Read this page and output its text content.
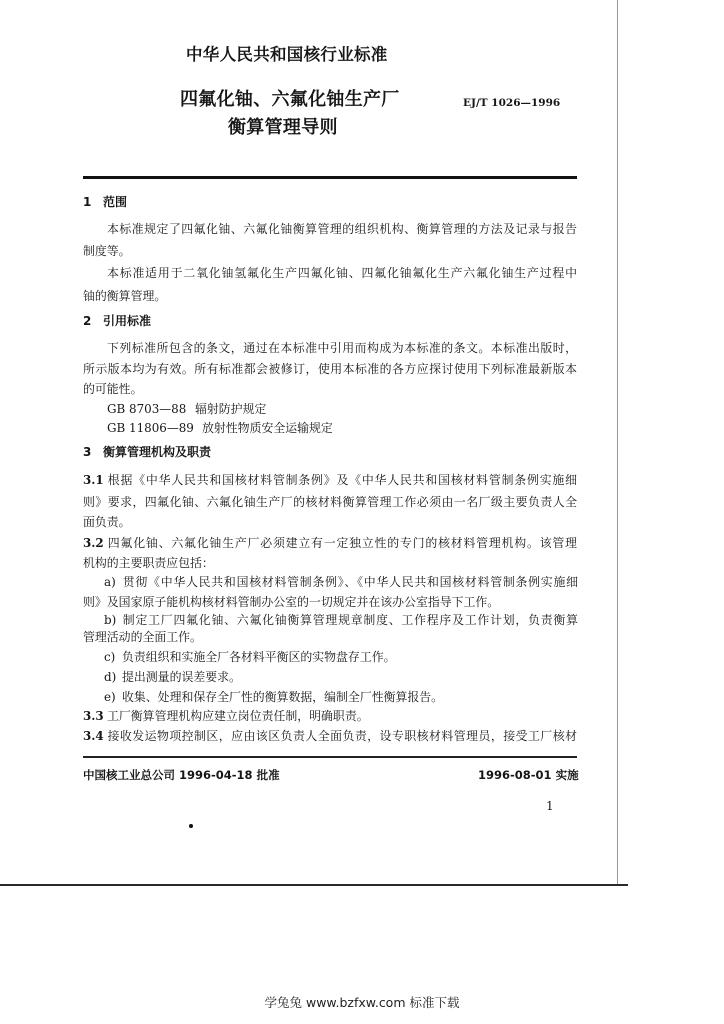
中华人民共和国核行业标准
四氟化铀、六氟化铀生产厂
衡算管理导则
EJ/T 1026—1996
1 范围
本标准规定了四氟化铀、六氟化铀衡算管理的组织机构、衡算管理的方法及记录与报告
制度等。
本标准适用于二氧化铀氢氟化生产四氟化铀、四氟化铀氟化生产六氟化铀生产过程中
铀的衡算管理。
2 引用标准
下列标准所包含的条文，通过在本标准中引用而构成为本标准的条文。本标准出版时，
所示版本均为有效。所有标准都会被修订，使用本标准的各方应探讨使用下列标准最新版本
的可能性。
GB 8703—88 辐射防护规定
GB 11806—89 放射性物质安全运输规定
3 衡算管理机构及职责
3.1 根据《中华人民共和国核材料管制条例》及《中华人民共和国核材料管制条例实施细
则》要求，四氟化铀、六氟化铀生产厂的核材料衡算管理工作必须由一名厂级主要负责人全
面负责。
3.2 四氟化铀、六氟化铀生产厂必须建立有一定独立性的专门的核材料管理机构。该管理
机构的主要职责应包括：
a) 贯彻《中华人民共和国核材料管制条例》、《中华人民共和国核材料管制条例实施细
则》及国家原子能机构核材料管制办公室的一切规定并在该办公室指导下工作。
b) 制定工厂四氟化铀、六氟化铀衡算管理规章制度、工作程序及工作计划，负责衡算
管理活动的全面工作。
c) 负责组织和实施全厂各材料平衡区的实物盘存工作。
d) 提出测量的误差要求。
e) 收集、处理和保存全厂性的衡算数据，编制全厂性衡算报告。
3.3 工厂衡算管理机构应建立岗位责任制，明确职责。
3.4 接收发运物项控制区，应由该区负责人全面负责，设专职核材料管理员，接受工厂核材
中国核工业总公司 1996-04-18 批准	1996-08-01 实施
1
学兔兔 www.bzfxw.com 标准下载
